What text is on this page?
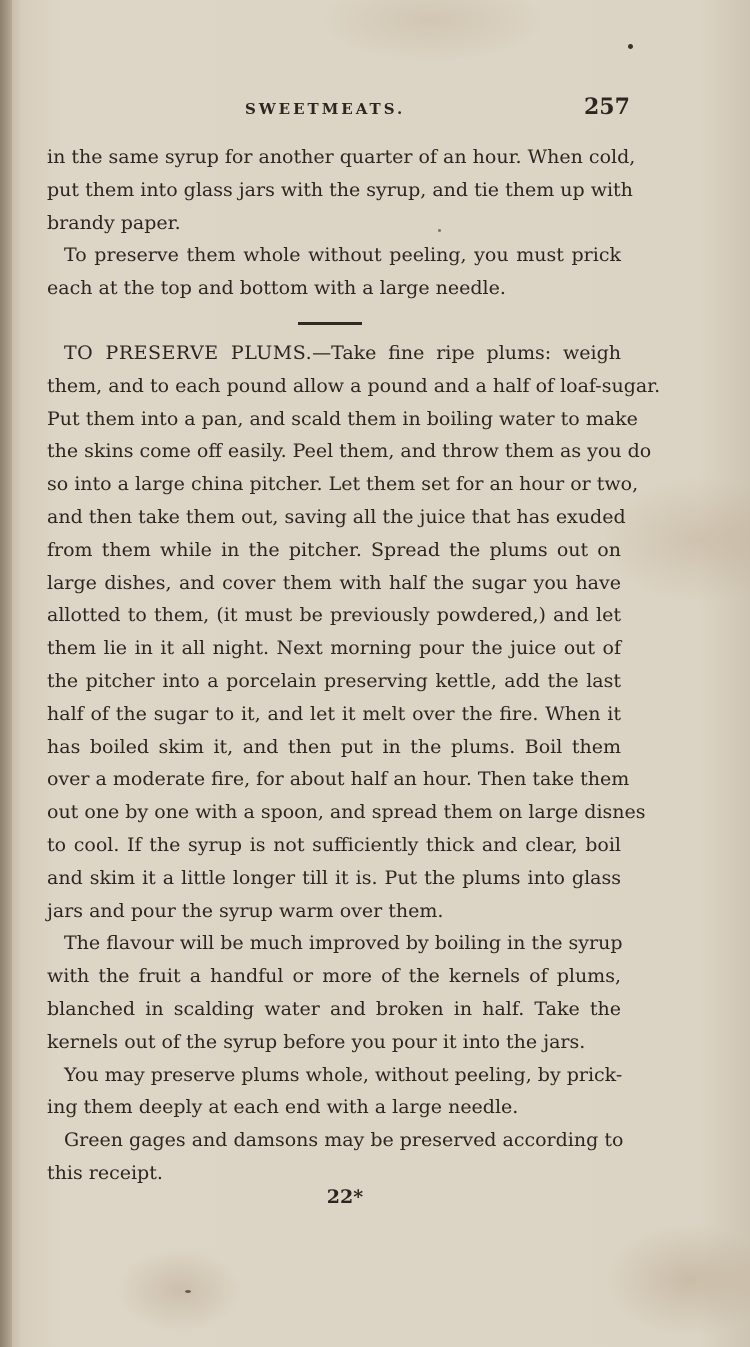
SWEETMEATS.	257
in the same syrup for another quarter of an hour. When cold,
put them into glass jars with the syrup, and tie them up with
brandy paper.
To preserve them whole without peeling, you must prick
each at the top and bottom with a large needle.
TO PRESERVE PLUMS.—Take fine ripe plums: weigh
them, and to each pound allow a pound and a half of loaf-sugar.
Put them into a pan, and scald them in boiling water to make
the skins come off easily. Peel them, and throw them as you do
so into a large china pitcher. Let them set for an hour or two,
and then take them out, saving all the juice that has exuded
from them while in the pitcher. Spread the plums out on
large dishes, and cover them with half the sugar you have
allotted to them, (it must be previously powdered,) and let
them lie in it all night. Next morning pour the juice out of
the pitcher into a porcelain preserving kettle, add the last
half of the sugar to it, and let it melt over the fire. When it
has boiled skim it, and then put in the plums. Boil them
over a moderate fire, for about half an hour. Then take them
out one by one with a spoon, and spread them on large disnes
to cool. If the syrup is not sufficiently thick and clear, boil
and skim it a little longer till it is. Put the plums into glass
jars and pour the syrup warm over them.
The flavour will be much improved by boiling in the syrup
with the fruit a handful or more of the kernels of plums,
blanched in scalding water and broken in half. Take the
kernels out of the syrup before you pour it into the jars.
You may preserve plums whole, without peeling, by prick-
ing them deeply at each end with a large needle.
Green gages and damsons may be preserved according to
this receipt.
22*
